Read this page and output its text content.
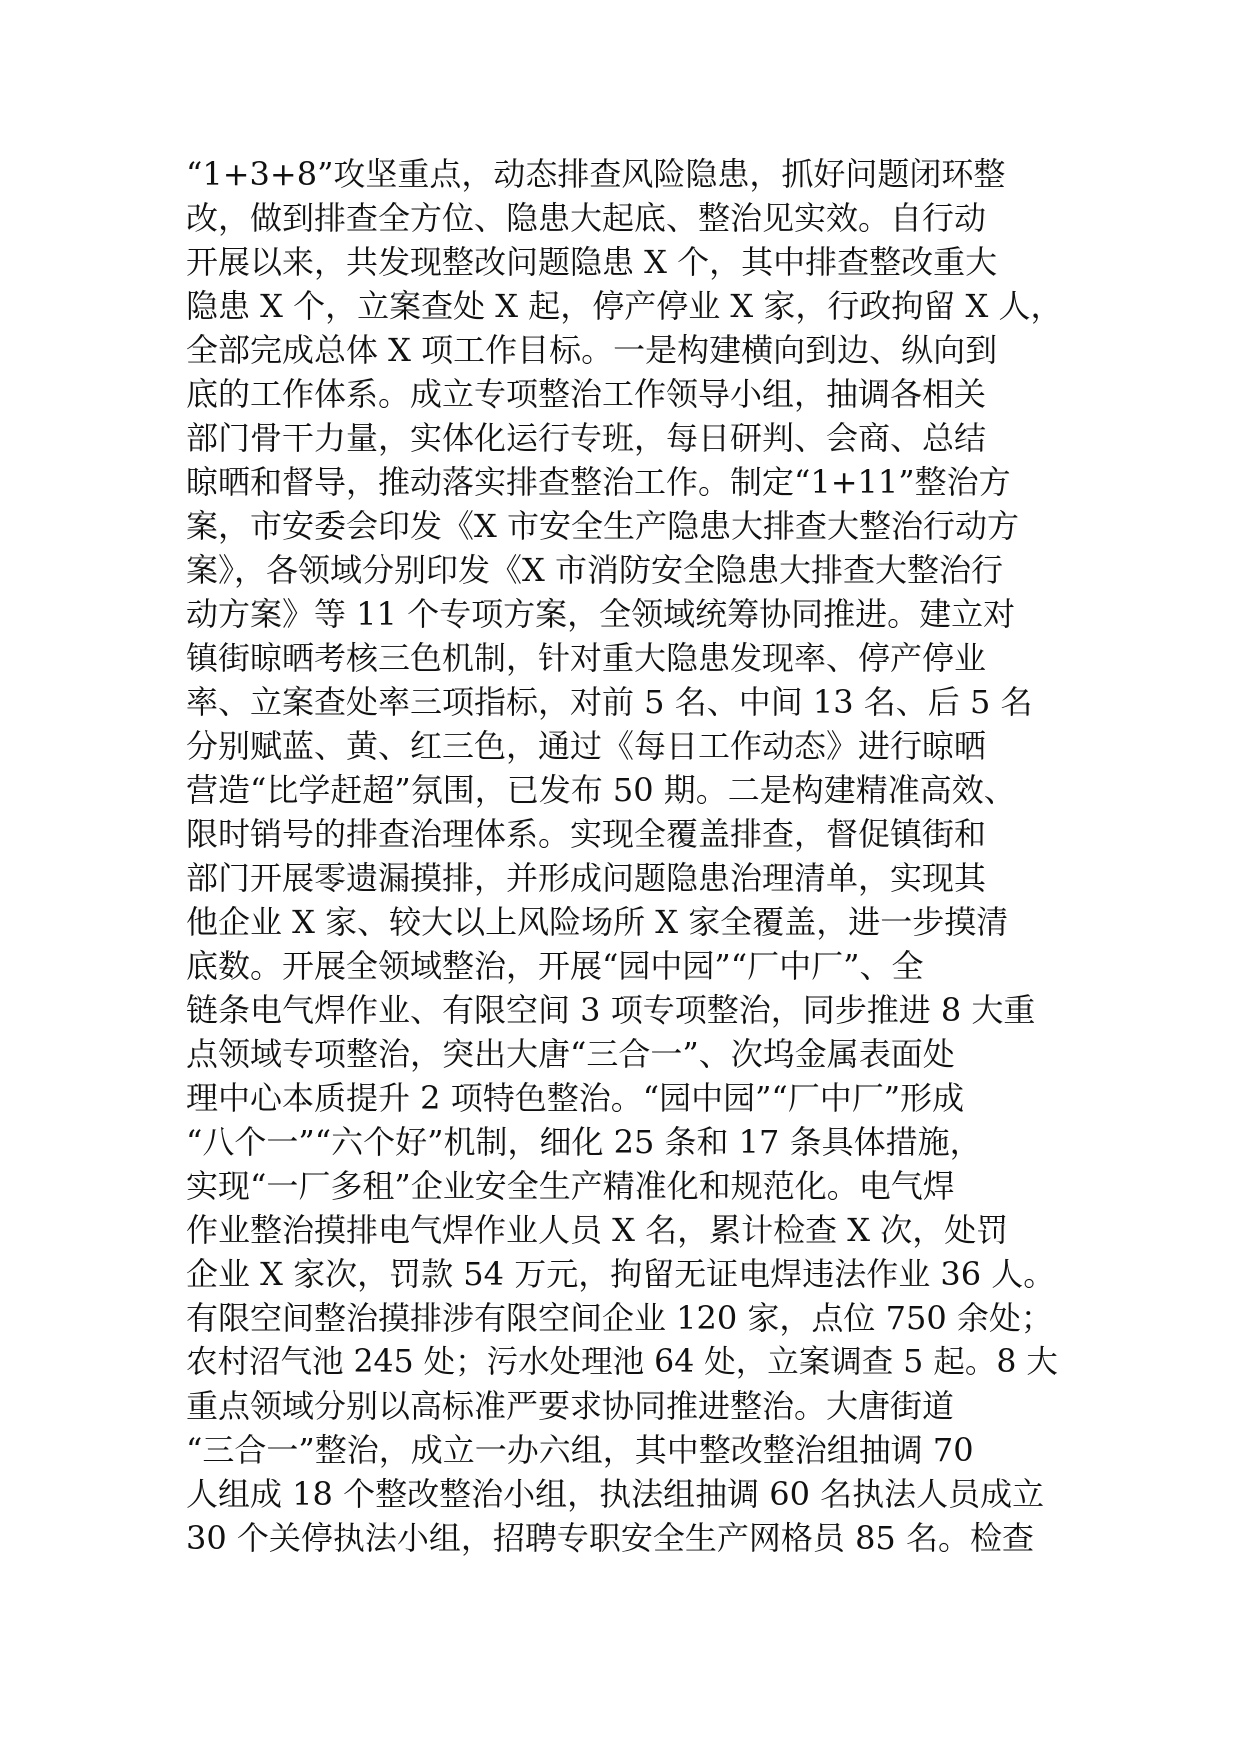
“1+3+8”攻坚重点，动态排查风险隐患，抓好问题闭环整
改，做到排查全方位、隐患大起底、整治见实效。自行动
开展以来，共发现整改问题隐患 X 个，其中排查整改重大
隐患 X 个，立案查处 X 起，停产停业 X 家，行政拘留 X 人，
全部完成总体 X 项工作目标。一是构建横向到边、纵向到
底的工作体系。成立专项整治工作领导小组，抽调各相关
部门骨干力量，实体化运行专班，每日研判、会商、总结
晾晒和督导，推动落实排查整治工作。制定“1+11”整治方
案，市安委会印发《X 市安全生产隐患大排查大整治行动方
案》，各领域分别印发《X 市消防安全隐患大排查大整治行
动方案》等 11 个专项方案，全领域统筹协同推进。建立对
镇街晾晒考核三色机制，针对重大隐患发现率、停产停业
率、立案查处率三项指标，对前 5 名、中间 13 名、后 5 名
分别赋蓝、黄、红三色，通过《每日工作动态》进行晾晒
营造“比学赶超”氛围，已发布 50 期。二是构建精准高效、
限时销号的排查治理体系。实现全覆盖排查，督促镇街和
部门开展零遗漏摸排，并形成问题隐患治理清单，实现其
他企业 X 家、较大以上风险场所 X 家全覆盖，进一步摸清
底数。开展全领域整治，开展“园中园”“厂中厂”、全
链条电气焊作业、有限空间 3 项专项整治，同步推进 8 大重
点领域专项整治，突出大唐“三合一”、次坞金属表面处
理中心本质提升 2 项特色整治。“园中园”“厂中厂”形成
“八个一”“六个好”机制，细化 25 条和 17 条具体措施，
实现“一厂多租”企业安全生产精准化和规范化。电气焊
作业整治摸排电气焊作业人员 X 名，累计检查 X 次，处罚
企业 X 家次，罚款 54 万元，拘留无证电焊违法作业 36 人。
有限空间整治摸排涉有限空间企业 120 家，点位 750 余处；
农村沼气池 245 处；污水处理池 64 处，立案调查 5 起。8 大
重点领域分别以高标准严要求协同推进整治。大唐街道
“三合一”整治，成立一办六组，其中整改整治组抽调 70
人组成 18 个整改整治小组，执法组抽调 60 名执法人员成立
30 个关停执法小组，招聘专职安全生产网格员 85 名。检查
